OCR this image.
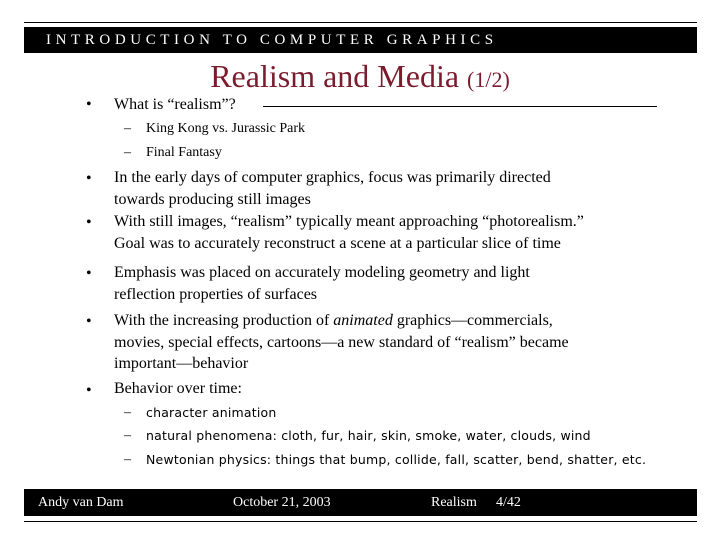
INTRODUCTION TO COMPUTER GRAPHICS
Realism and Media (1/2)
• What is “realism”?
– King Kong vs. Jurassic Park
– Final Fantasy
• In the early days of computer graphics, focus was primarily directed
towards producing still images
• With still images, “realism” typically meant approaching “photorealism.”
Goal was to accurately reconstruct a scene at a particular slice of time
• Emphasis was placed on accurately modeling geometry and light
reflection properties of surfaces
• With the increasing production of animated graphics—commercials,
movies, special effects, cartoons—a new standard of “realism” became
important—behavior
• Behavior over time:
– character animation
– natural phenomena: cloth, fur, hair, skin, smoke, water, clouds, wind
– Newtonian physics: things that bump, collide, fall, scatter, bend, shatter, etc.
Andy van Dam	October 21, 2003	Realism 4/42
